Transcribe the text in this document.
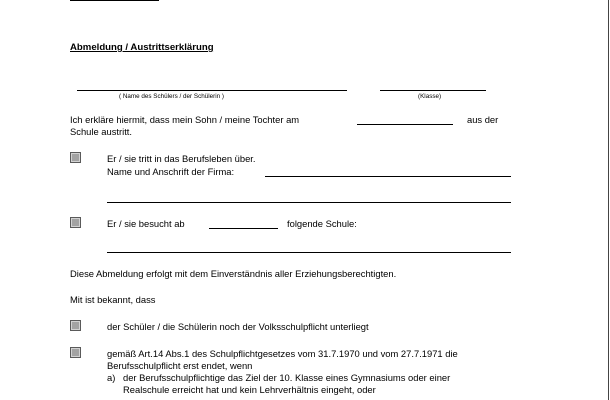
Abmeldung / Austrittserklärung
( Name des Schülers / der Schülerin )	(Klasse)
Ich erkläre hiermit, dass mein Sohn / meine Tochter am	aus der
Schule austritt.
Er / sie tritt in das Berufsleben über.
Name und Anschrift der Firma:
Er / sie besucht ab	folgende Schule:
Diese Abmeldung erfolgt mit dem Einverständnis aller Erziehungsberechtigten.
Mit ist bekannt, dass
der Schüler / die Schülerin noch der Volksschulpflicht unterliegt
gemäß Art.14 Abs.1 des Schulpflichtgesetzes vom 31.7.1970 und vom 27.7.1971 die
Berufsschulpflicht erst endet, wenn
a) der Berufsschulpflichtige das Ziel der 10. Klasse eines Gymnasiums oder einer
Realschule erreicht hat und kein Lehrverhältnis eingeht, oder
